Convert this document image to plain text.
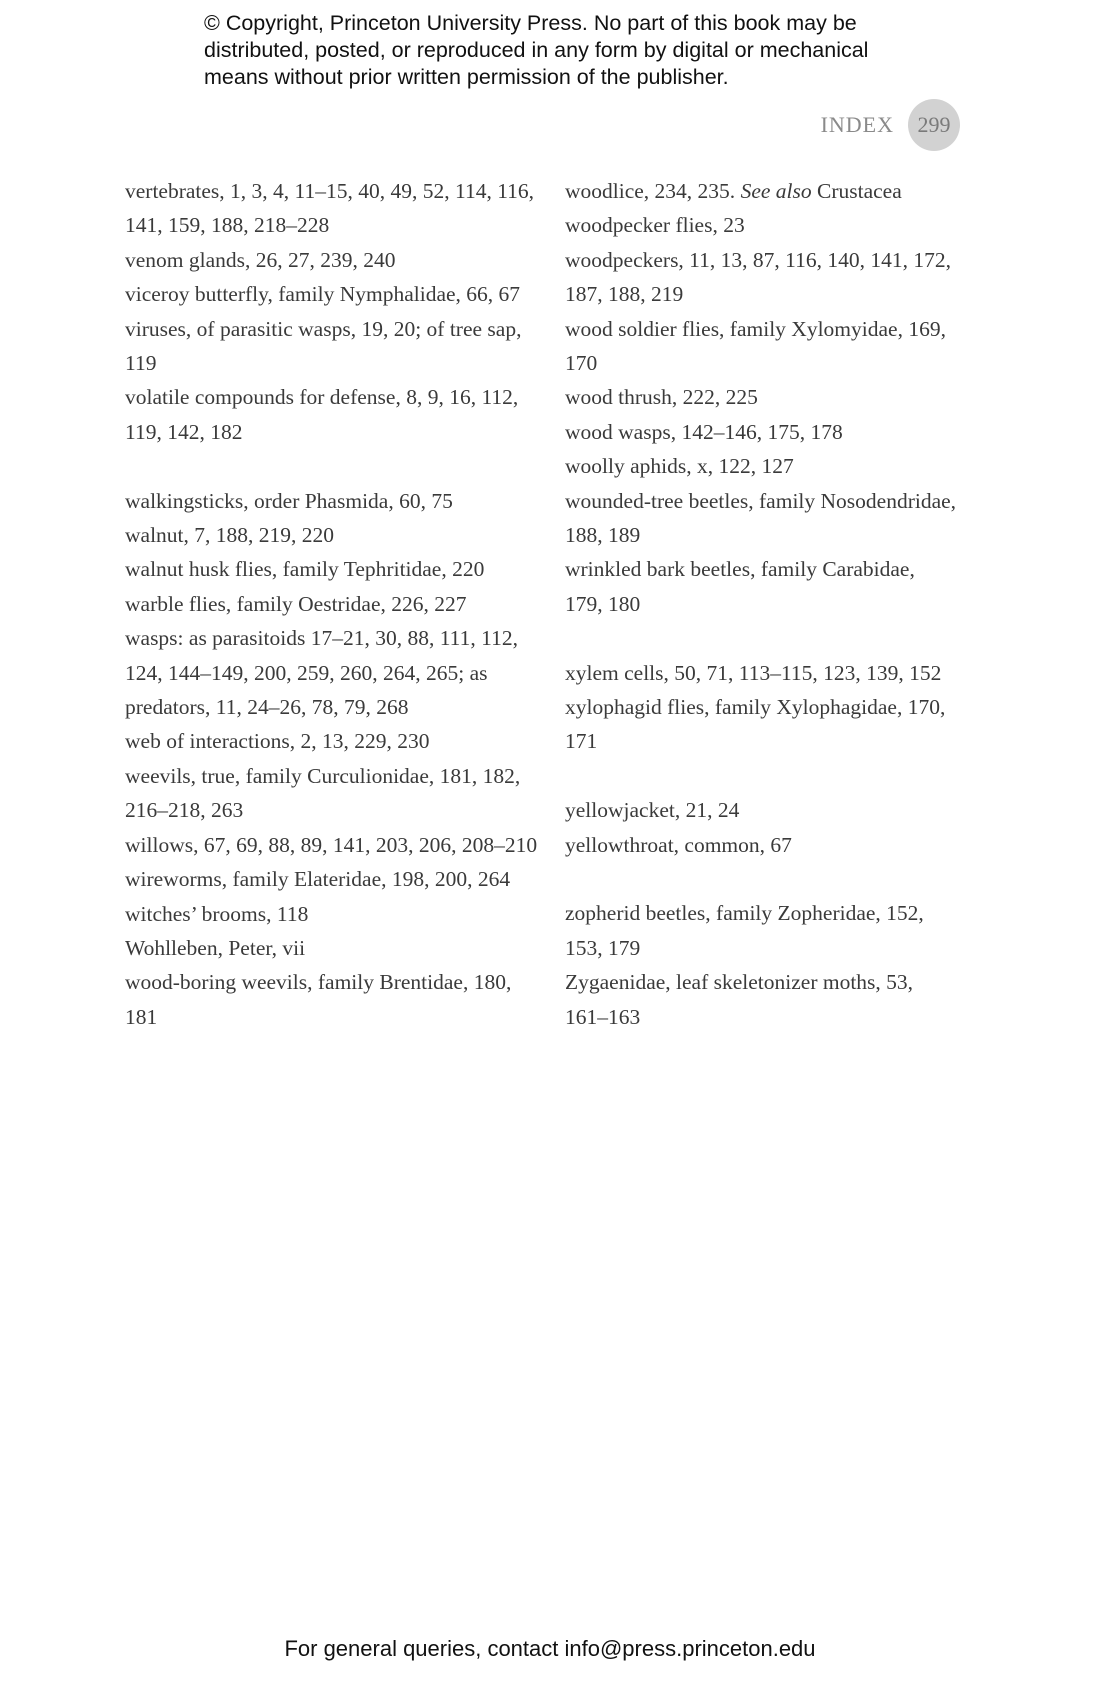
© Copyright, Princeton University Press. No part of this book may be
distributed, posted, or reproduced in any form by digital or mechanical
means without prior written permission of the publisher.
INDEX	299
vertebrates, 1, 3, 4, 11–15, 40, 49, 52, 114, 116,
141, 159, 188, 218–228
venom glands, 26, 27, 239, 240
viceroy butterfly, family Nymphalidae, 66, 67
viruses, of parasitic wasps, 19, 20; of tree sap,
119
volatile compounds for defense, 8, 9, 16, 112,
119, 142, 182
walkingsticks, order Phasmida, 60, 75
walnut, 7, 188, 219, 220
walnut husk flies, family Tephritidae, 220
warble flies, family Oestridae, 226, 227
wasps: as parasitoids 17–21, 30, 88, 111, 112,
124, 144–149, 200, 259, 260, 264, 265; as
predators, 11, 24–26, 78, 79, 268
web of interactions, 2, 13, 229, 230
weevils, true, family Curculionidae, 181, 182,
216–218, 263
willows, 67, 69, 88, 89, 141, 203, 206, 208–210
wireworms, family Elateridae, 198, 200, 264
witches’ brooms, 118
Wohlleben, Peter, vii
wood-boring weevils, family Brentidae, 180,
181
woodlice, 234, 235. See also Crustacea
woodpecker flies, 23
woodpeckers, 11, 13, 87, 116, 140, 141, 172,
187, 188, 219
wood soldier flies, family Xylomyidae, 169,
170
wood thrush, 222, 225
wood wasps, 142–146, 175, 178
woolly aphids, x, 122, 127
wounded-tree beetles, family Nosodendridae,
188, 189
wrinkled bark beetles, family Carabidae,
179, 180
xylem cells, 50, 71, 113–115, 123, 139, 152
xylophagid flies, family Xylophagidae, 170,
171
yellowjacket, 21, 24
yellowthroat, common, 67
zopherid beetles, family Zopheridae, 152,
153, 179
Zygaenidae, leaf skeletonizer moths, 53,
161–163
For general queries, contact info@press.princeton.edu
